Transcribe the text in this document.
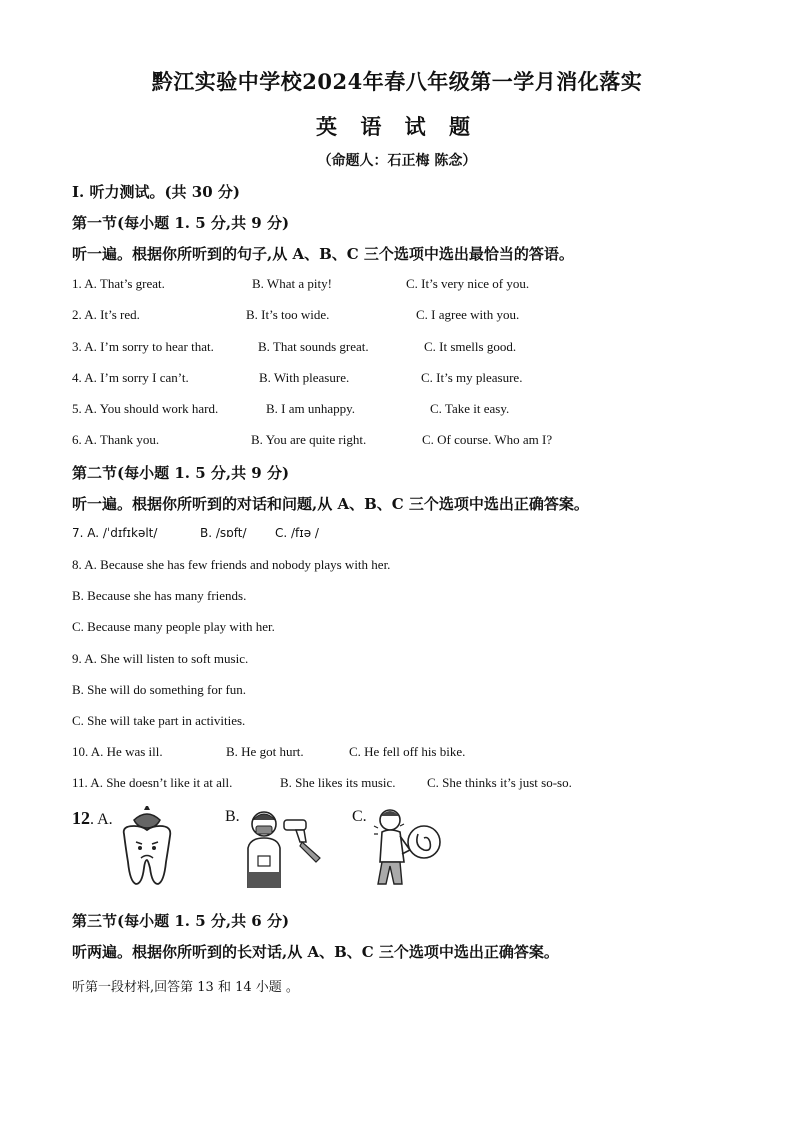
黔江实验中学校2024年春八年级第一学月消化落实
英 语 试 题
（命题人：石正梅 陈念）
I. 听力测试。(共 30 分)
第一节(每小题 1. 5 分,共 9 分)
听一遍。根据你所听到的句子,从 A、B、C 三个选项中选出最恰当的答语。
1. A. That’s great.	B. What a pity!	C. It’s very nice of you.
2. A. It’s red.	B. It’s too wide.	C. I agree with you.
3. A. I’m sorry to hear that.	B. That sounds great.	C. It smells good.
4. A. I’m sorry I can’t.	B. With pleasure.	C. It’s my pleasure.
5. A. You should work hard.	B. I am unhappy.	C. Take it easy.
6. A. Thank you.	B. You are quite right.	C. Of course. Who am I?
第二节(每小题 1. 5 分,共 9 分)
听一遍。根据你所听到的对话和问题,从 A、B、C 三个选项中选出正确答案。
7. A. /ˈdɪfɪkəlt/	B. /sɒft/ C. /fɪə /
8. A. Because she has few friends and nobody plays with her.
B. Because she has many friends.
C. Because many people play with her.
9. A. She will listen to soft music.
B. She will do something for fun.
C. She will take part in activities.
10. A. He was ill.	B. He got hurt.	C. He fell off his bike.
11. A. She doesn’t like it at all.	B. She likes its music. C. She thinks it’s just so-so.
12. A.	B.	C.
第三节(每小题 1. 5 分,共 6 分)
听两遍。根据你所听到的长对话,从 A、B、C 三个选项中选出正确答案。
听第一段材料,回答第 13 和 14 小题 。
